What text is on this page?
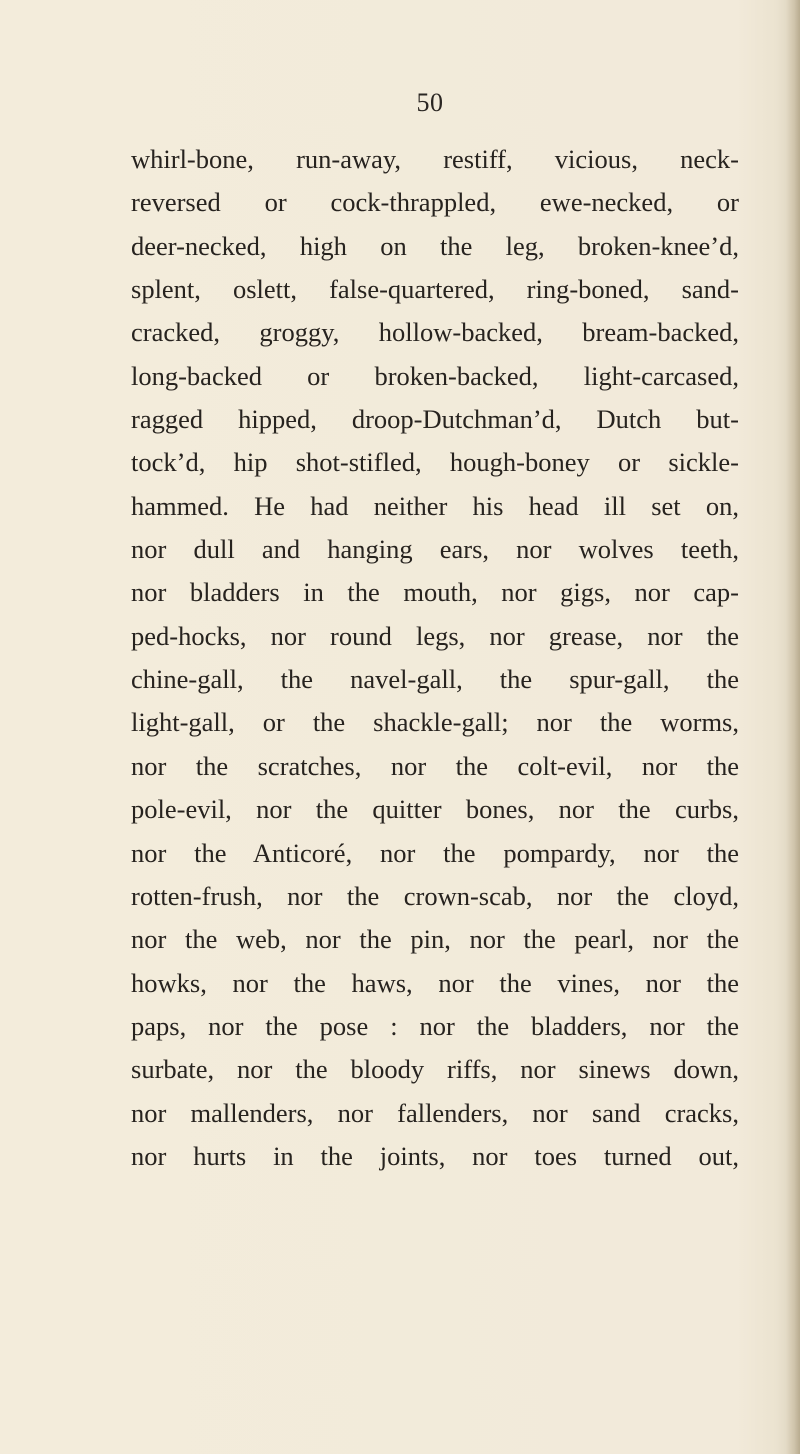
50
whirl-bone, run-away, restiff, vicious, neck-
reversed or cock-thrappled, ewe-necked, or
deer-necked, high on the leg, broken-knee’d,
splent, oslett, false-quartered, ring-boned, sand-
cracked, groggy, hollow-backed, bream-backed,
long-backed or broken-backed, light-carcased,
ragged hipped, droop-Dutchman’d, Dutch but-
tock’d, hip shot-stifled, hough-boney or sickle-
hammed. He had neither his head ill set on,
nor dull and hanging ears, nor wolves teeth,
nor bladders in the mouth, nor gigs, nor cap-
ped-hocks, nor round legs, nor grease, nor the
chine-gall, the navel-gall, the spur-gall, the
light-gall, or the shackle-gall; nor the worms,
nor the scratches, nor the colt-evil, nor the
pole-evil, nor the quitter bones, nor the curbs,
nor the Anticoré, nor the pompardy, nor the
rotten-frush, nor the crown-scab, nor the cloyd,
nor the web, nor the pin, nor the pearl, nor the
howks, nor the haws, nor the vines, nor the
paps, nor the pose : nor the bladders, nor the
surbate, nor the bloody riffs, nor sinews down,
nor mallenders, nor fallenders, nor sand cracks,
nor hurts in the joints, nor toes turned out,
